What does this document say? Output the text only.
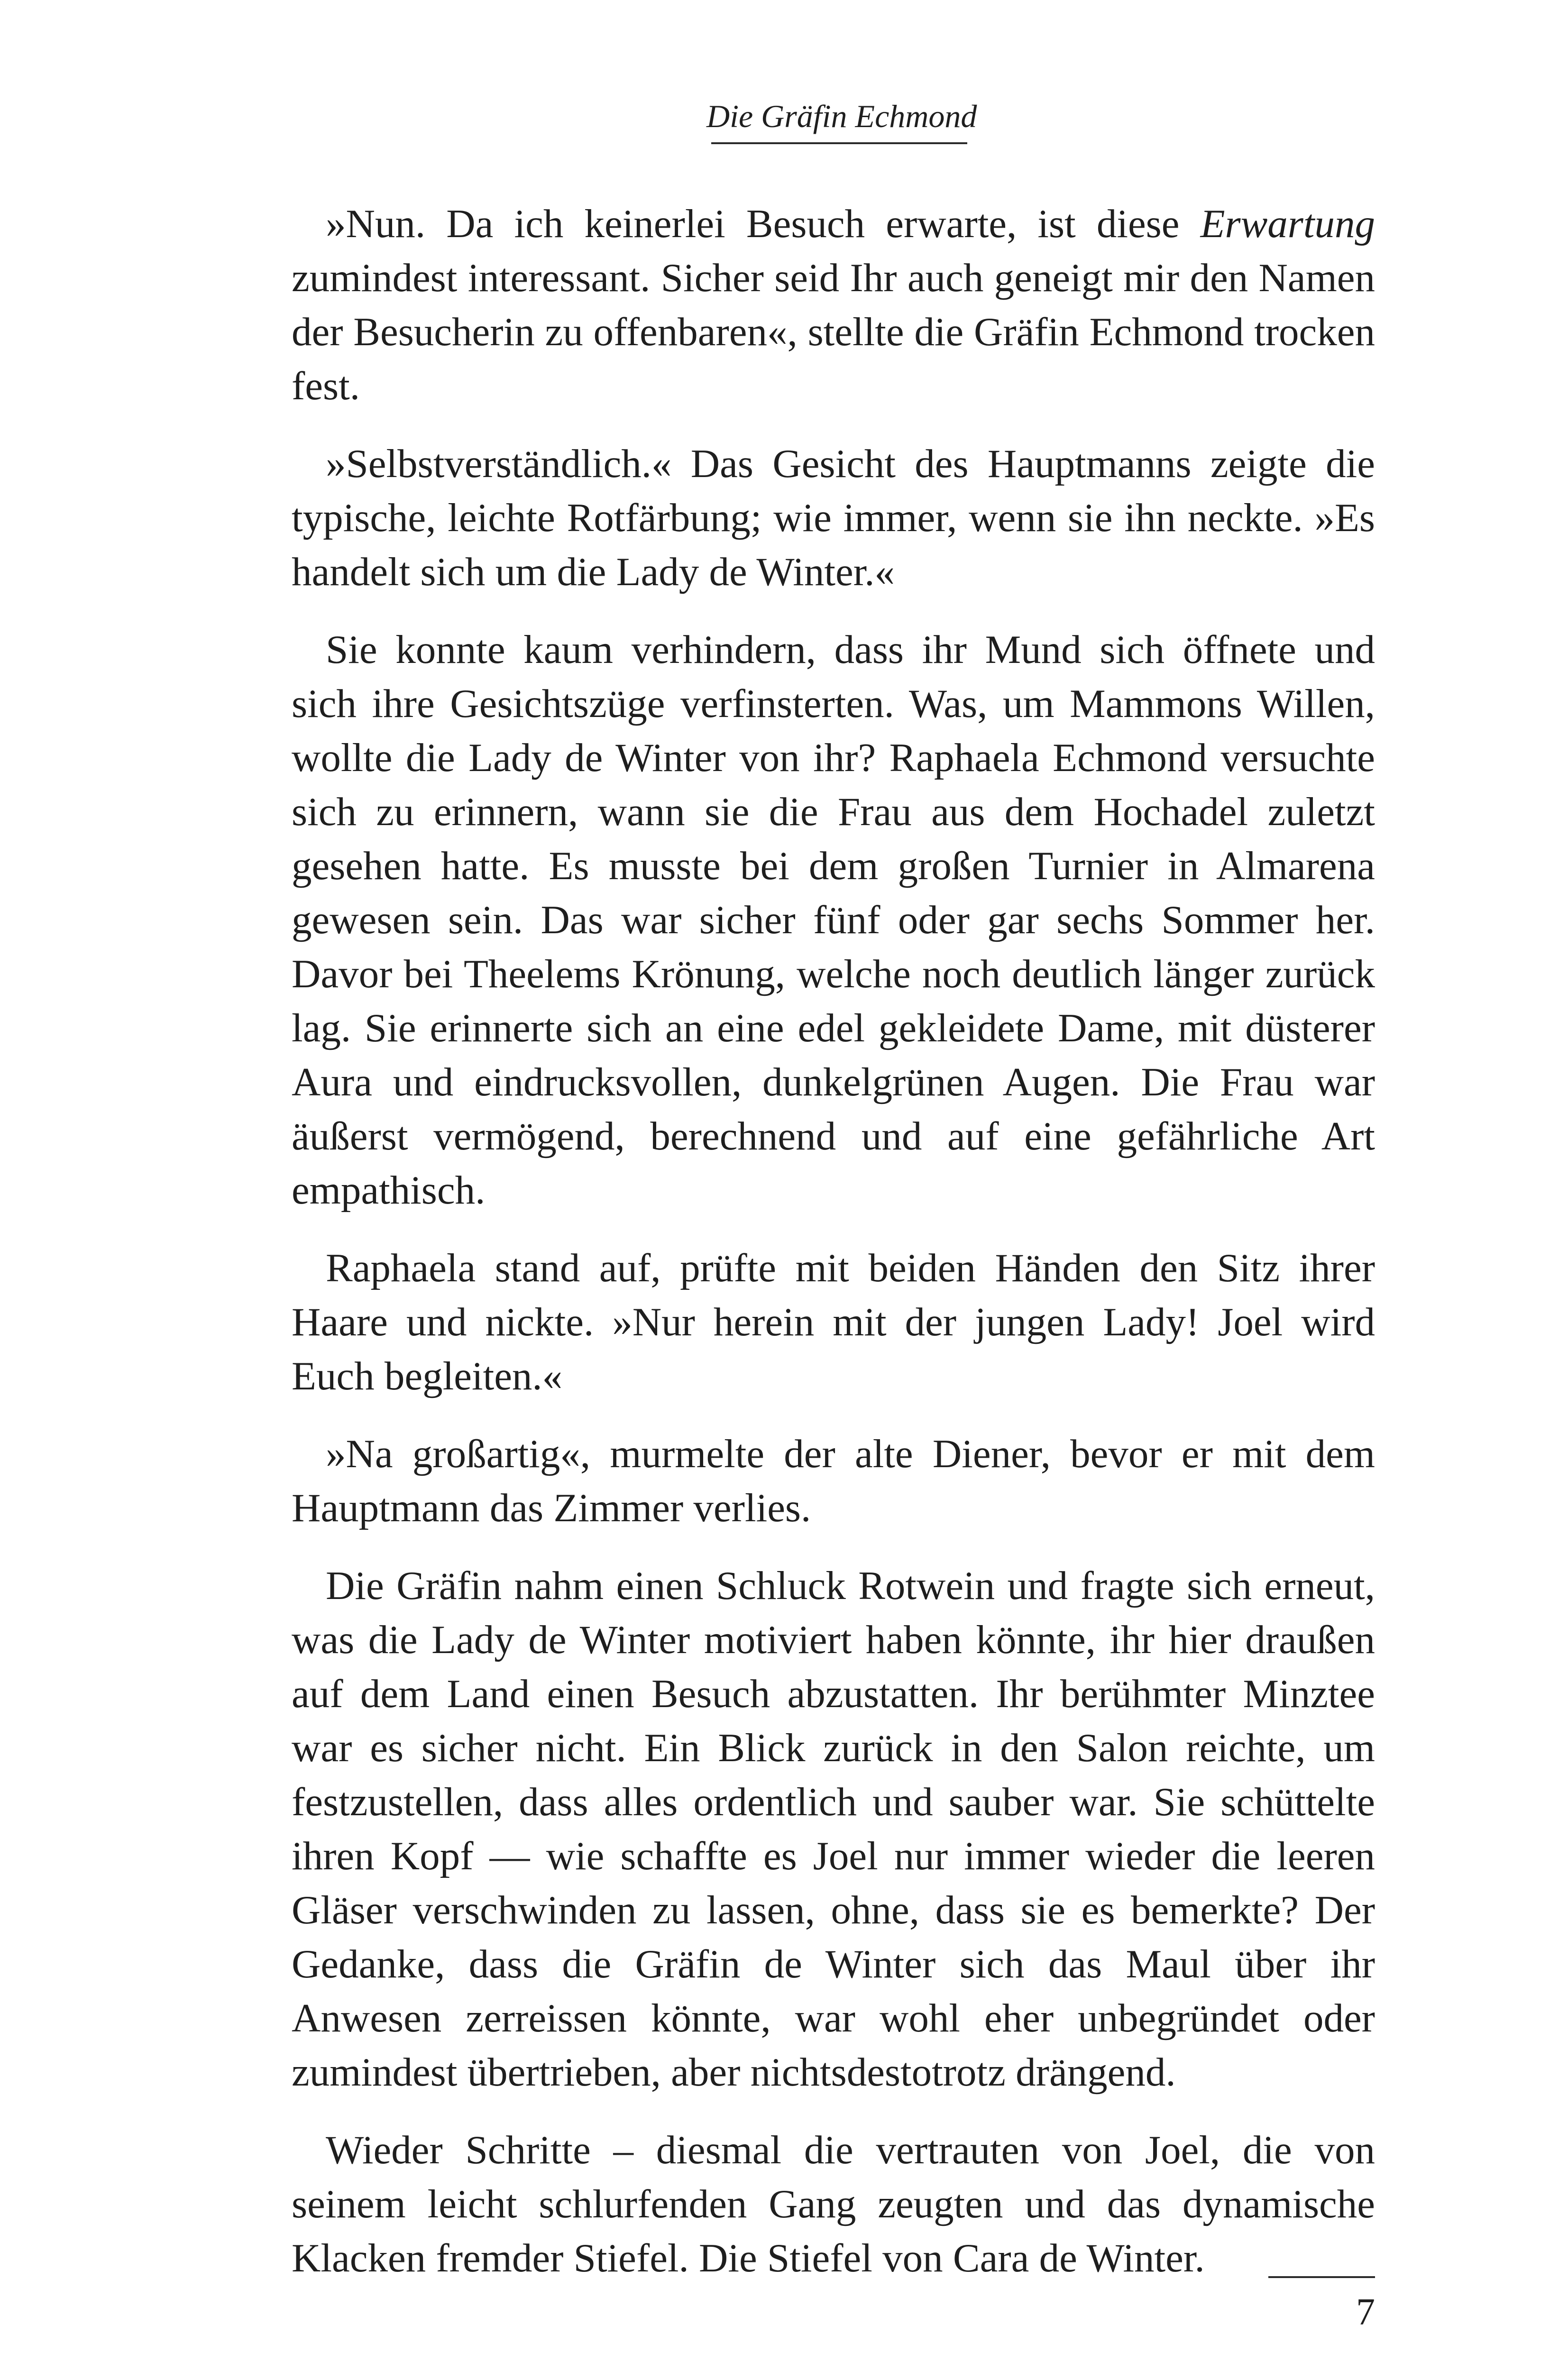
Die Gräfin Echmond

»Nun. Da ich keinerlei Besuch erwarte, ist diese Erwartung zumindest interessant. Sicher seid Ihr auch geneigt mir den Namen der Besucherin zu offenbaren«, stellte die Gräfin Echmond trocken fest.

»Selbstverständlich.« Das Gesicht des Hauptmanns zeigte die typische, leichte Rotfärbung; wie immer, wenn sie ihn neckte. »Es handelt sich um die Lady de Winter.«

Sie konnte kaum verhindern, dass ihr Mund sich öffnete und sich ihre Gesichtszüge verfinsterten. Was, um Mammons Willen, wollte die Lady de Winter von ihr? Raphaela Echmond versuchte sich zu erinnern, wann sie die Frau aus dem Hochadel zuletzt gesehen hatte. Es musste bei dem großen Turnier in Almarena gewesen sein. Das war sicher fünf oder gar sechs Sommer her. Davor bei Theelems Krönung, welche noch deutlich länger zurück lag. Sie erinnerte sich an eine edel gekleidete Dame, mit düsterer Aura und eindrucksvollen, dunkelgrünen Augen. Die Frau war äußerst vermögend, berechnend und auf eine gefährliche Art empathisch.

Raphaela stand auf, prüfte mit beiden Händen den Sitz ihrer Haare und nickte. »Nur herein mit der jungen Lady! Joel wird Euch begleiten.«

»Na großartig«, murmelte der alte Diener, bevor er mit dem Hauptmann das Zimmer verlies.

Die Gräfin nahm einen Schluck Rotwein und fragte sich erneut, was die Lady de Winter motiviert haben könnte, ihr hier draußen auf dem Land einen Besuch abzustatten. Ihr berühmter Minztee war es sicher nicht. Ein Blick zurück in den Salon reichte, um festzustellen, dass alles ordentlich und sauber war. Sie schüttelte ihren Kopf — wie schaffte es Joel nur immer wieder die leeren Gläser verschwinden zu lassen, ohne, dass sie es bemerkte? Der Gedanke, dass die Gräfin de Winter sich das Maul über ihr Anwesen zerreissen könnte, war wohl eher unbegründet oder zumindest übertrieben, aber nichtsdestotrotz drängend.

Wieder Schritte – diesmal die vertrauten von Joel, die von seinem leicht schlurfenden Gang zeugten und das dynamische Klacken fremder Stiefel. Die Stiefel von Cara de Winter.

7
